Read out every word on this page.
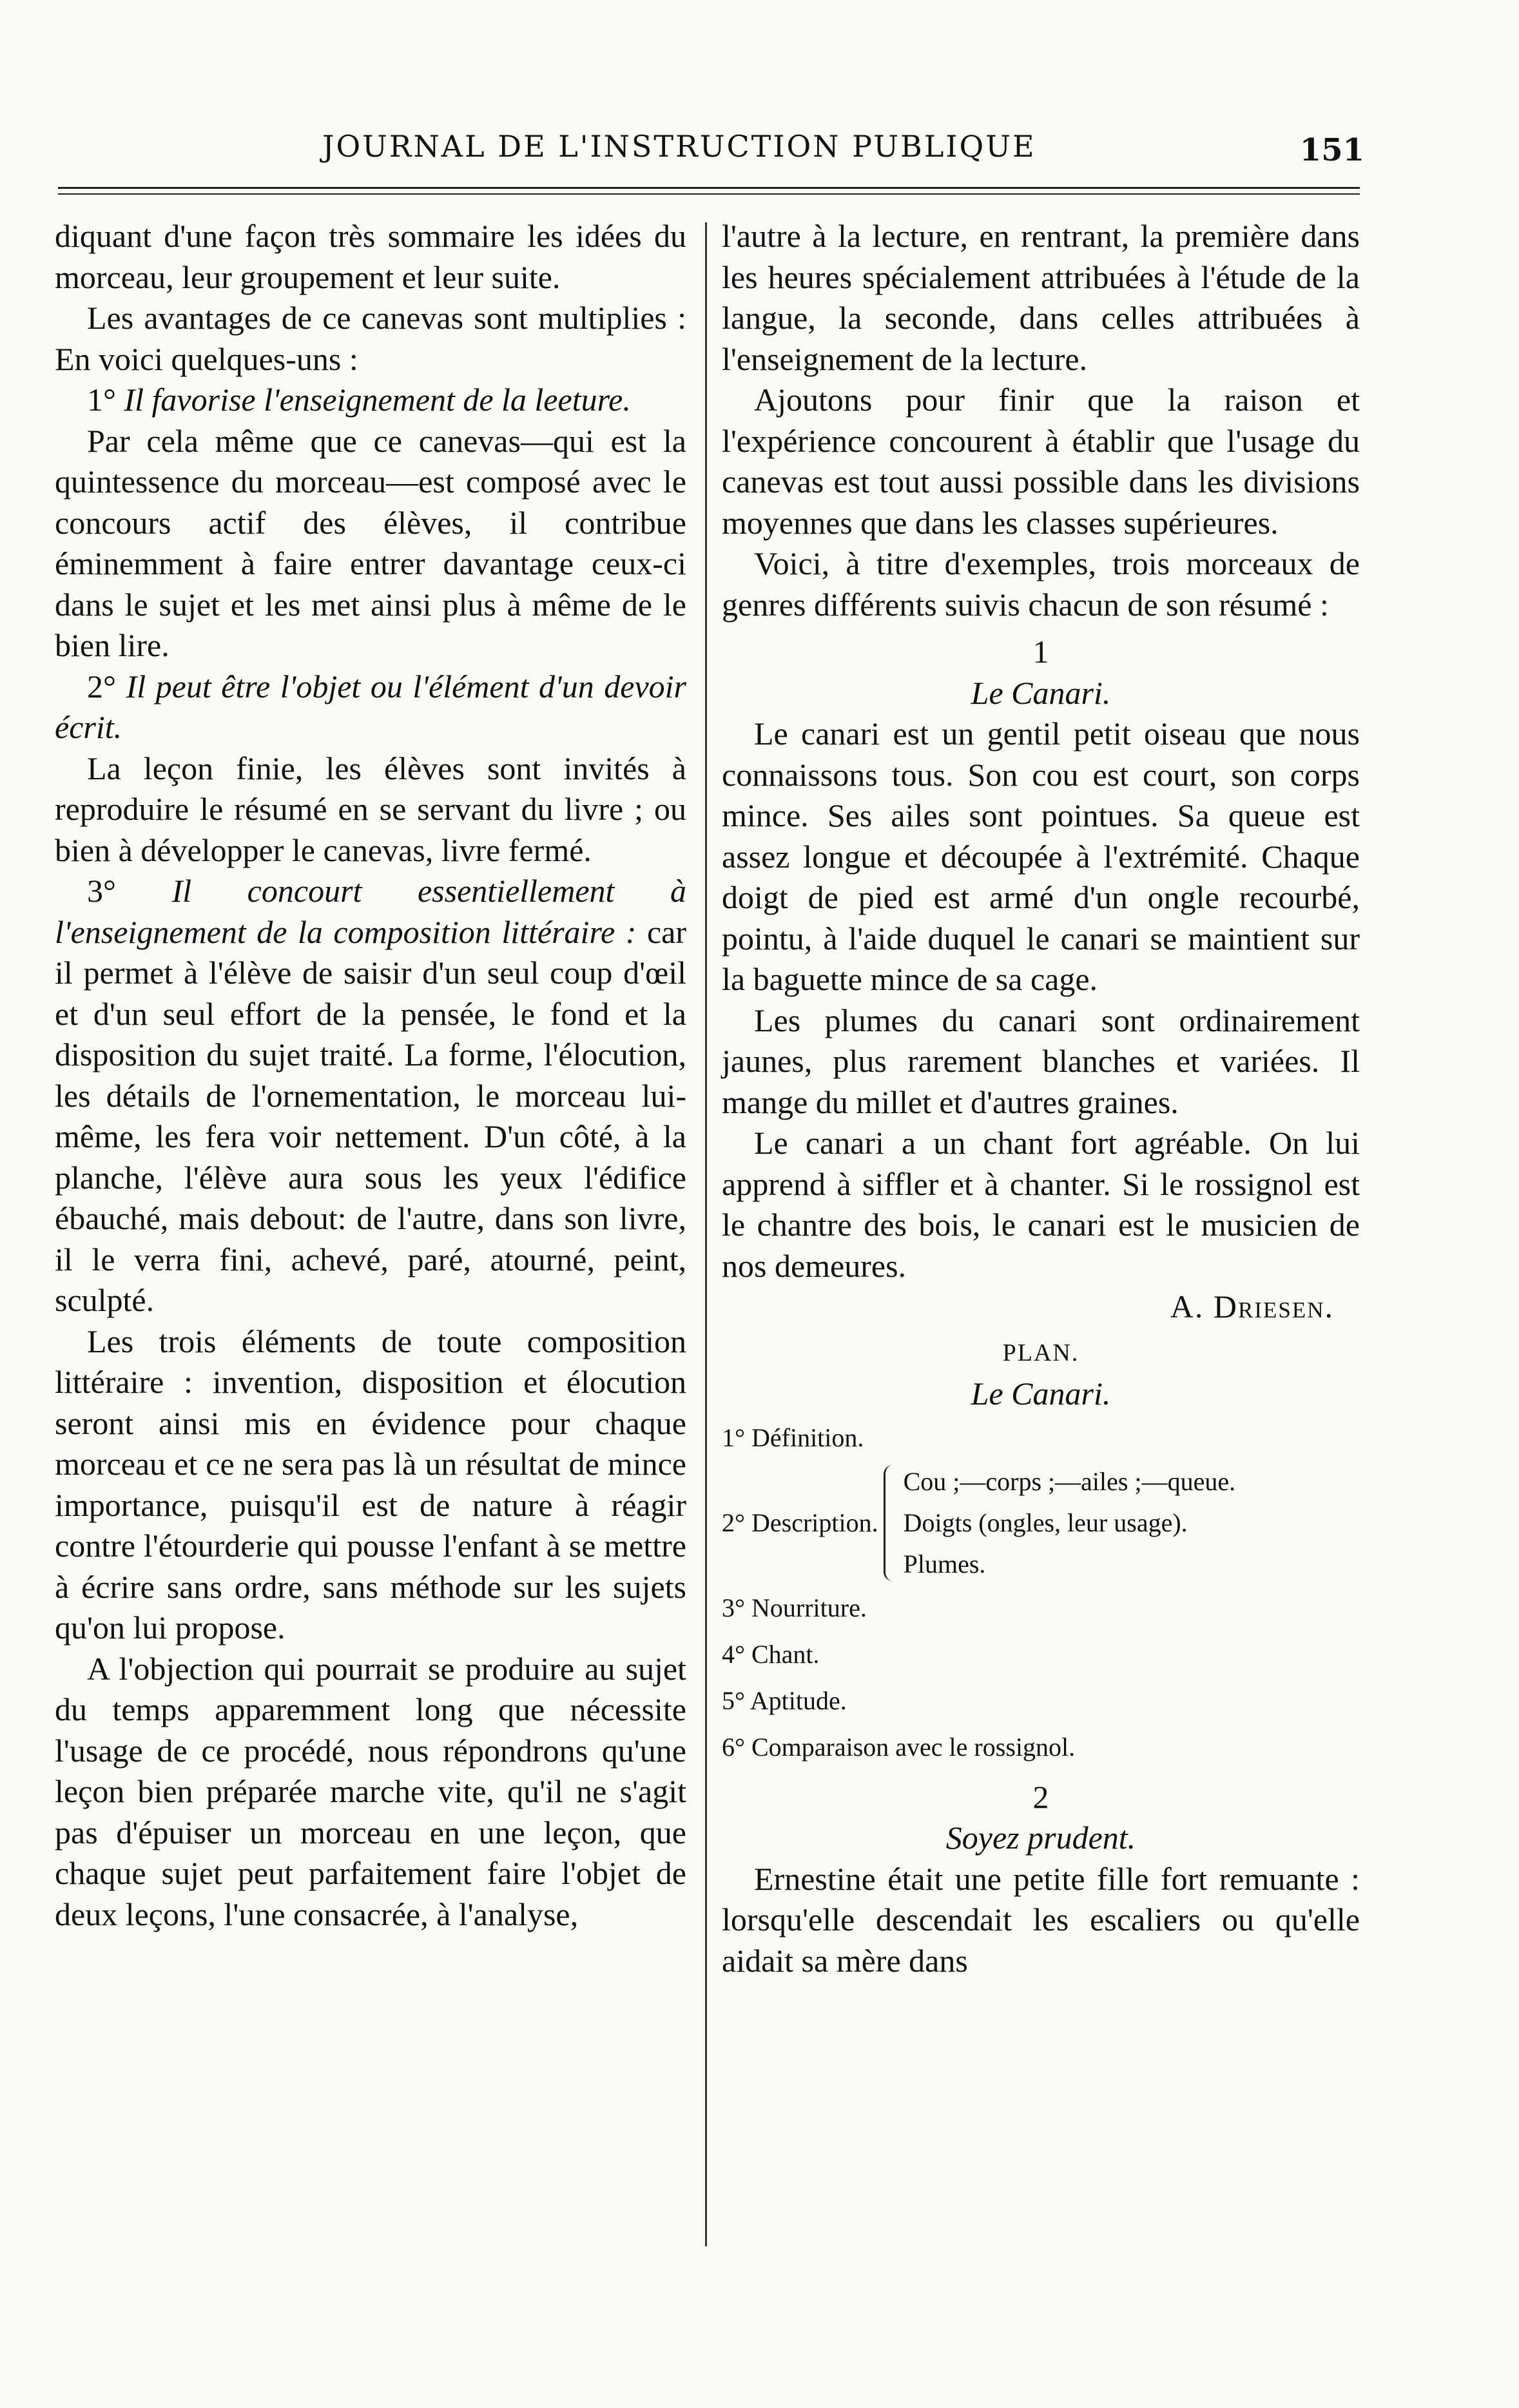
JOURNAL DE L'INSTRUCTION PUBLIQUE	151

diquant d'une façon très sommaire les idées du morceau, leur groupement et leur suite.

Les avantages de ce canevas sont multiplies : En voici quelques-uns :

1° Il favorise l'enseignement de la leeture.

Par cela même que ce canevas—qui est la quintessence du morceau—est composé avec le concours actif des élèves, il contribue éminemment à faire entrer davantage ceux-ci dans le sujet et les met ainsi plus à même de le bien lire.

2° Il peut être l'objet ou l'élément d'un devoir écrit.

La leçon finie, les élèves sont invités à reproduire le résumé en se servant du livre ; ou bien à développer le canevas, livre fermé.

3° Il concourt essentiellement à l'enseignement de la composition littéraire : car il permet à l'élève de saisir d'un seul coup d'œil et d'un seul effort de la pensée, le fond et la disposition du sujet traité. La forme, l'élocution, les détails de l'ornementation, le morceau lui-même, les fera voir nettement. D'un côté, à la planche, l'élève aura sous les yeux l'édifice ébauché, mais debout: de l'autre, dans son livre, il le verra fini, achevé, paré, atourné, peint, sculpté.

Les trois éléments de toute composition littéraire : invention, disposition et élocution seront ainsi mis en évidence pour chaque morceau et ce ne sera pas là un résultat de mince importance, puisqu'il est de nature à réagir contre l'étourderie qui pousse l'enfant à se mettre à écrire sans ordre, sans méthode sur les sujets qu'on lui propose.

A l'objection qui pourrait se produire au sujet du temps apparemment long que nécessite l'usage de ce procédé, nous répondrons qu'une leçon bien préparée marche vite, qu'il ne s'agit pas d'épuiser un morceau en une leçon, que chaque sujet peut parfaitement faire l'objet de deux leçons, l'une consacrée, à l'analyse,

l'autre à la lecture, en rentrant, la première dans les heures spécialement attribuées à l'étude de la langue, la seconde, dans celles attribuées à l'enseignement de la lecture.

Ajoutons pour finir que la raison et l'expérience concourent à établir que l'usage du canevas est tout aussi possible dans les divisions moyennes que dans les classes supérieures.

Voici, à titre d'exemples, trois morceaux de genres différents suivis chacun de son résumé :

1
Le Canari.

Le canari est un gentil petit oiseau que nous connaissons tous. Son cou est court, son corps mince. Ses ailes sont pointues. Sa queue est assez longue et découpée à l'extrémité. Chaque doigt de pied est armé d'un ongle recourbé, pointu, à l'aide duquel le canari se maintient sur la baguette mince de sa cage.

Les plumes du canari sont ordinairement jaunes, plus rarement blanches et variées. Il mange du millet et d'autres graines.

Le canari a un chant fort agréable. On lui apprend à siffler et à chanter. Si le rossignol est le chantre des bois, le canari est le musicien de nos demeures.

A. Driesen.
PLAN.
Le Canari.
1° Définition.
2° Description.
Cou ;—corps ;—ailes ;—queue.
Doigts (ongles, leur usage).
Plumes.
3° Nourriture.
4° Chant.
5° Aptitude.
6° Comparaison avec le rossignol.
2
Soyez prudent.

Ernestine était une petite fille fort remuante : lorsqu'elle descendait les escaliers ou qu'elle aidait sa mère dans
